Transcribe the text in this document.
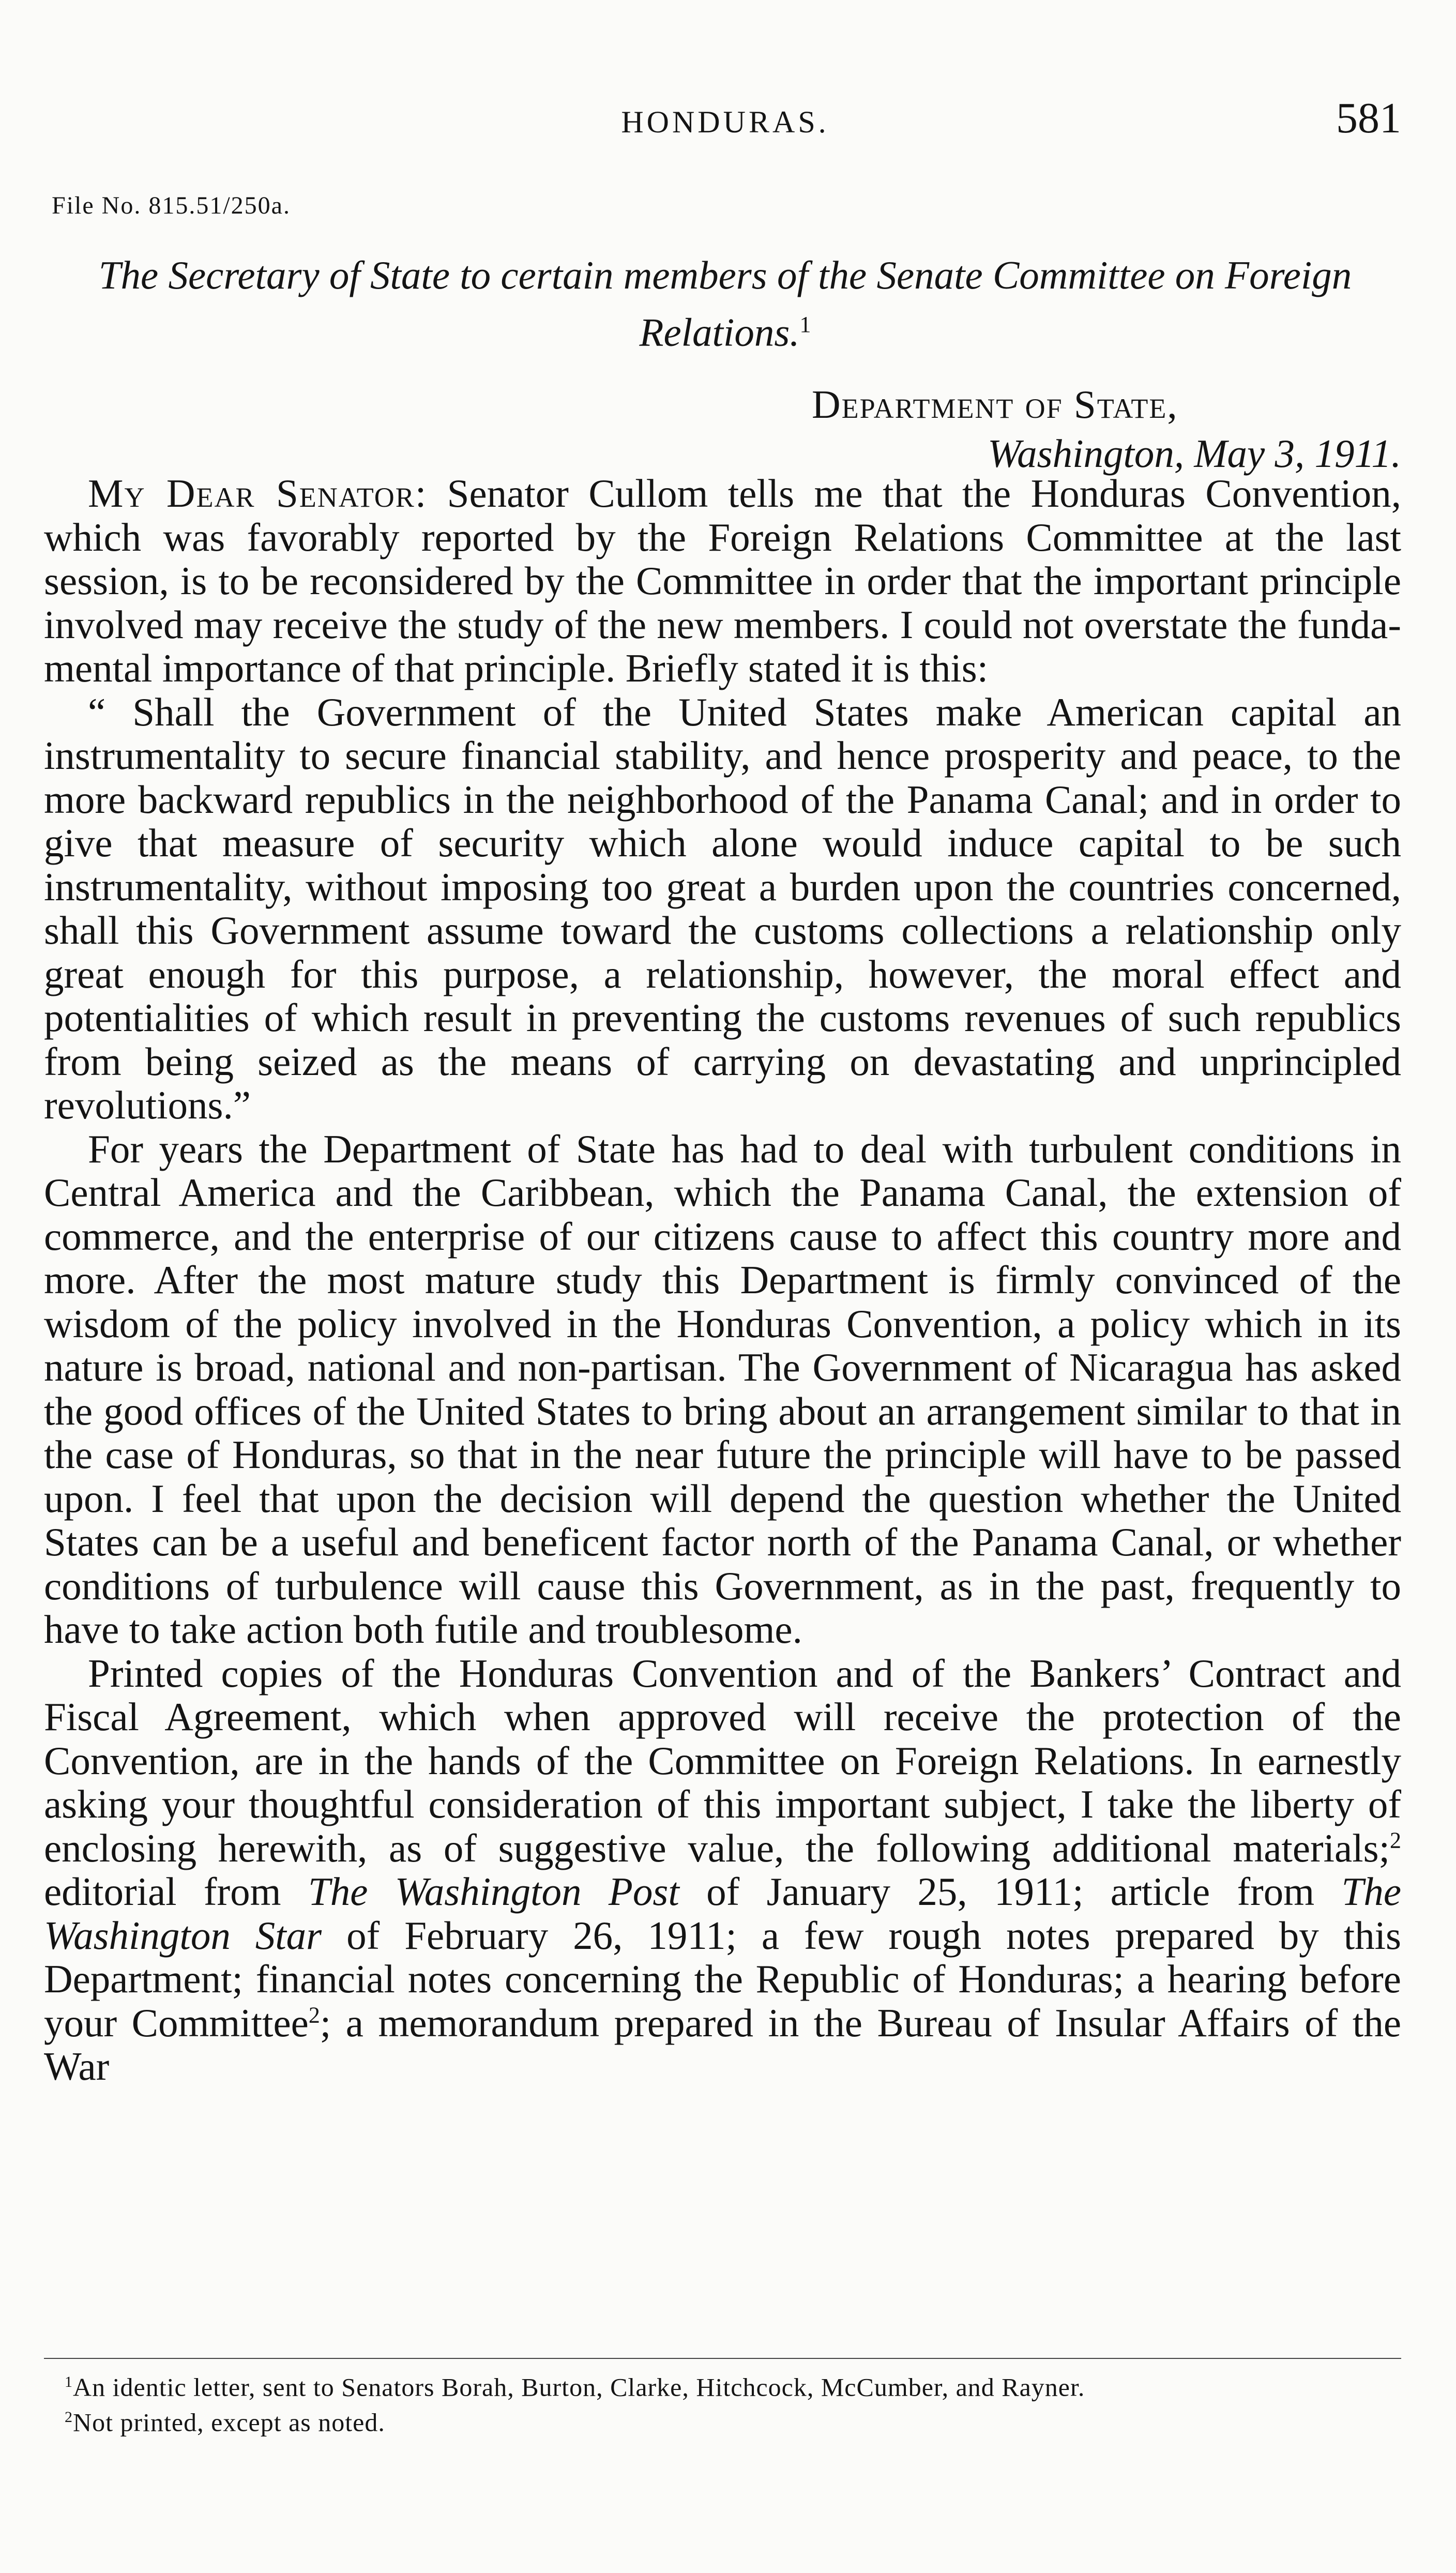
HONDURAS.	581
File No. 815.51/250a.
The Secretary of State to certain members of the Senate Committee on Foreign Relations.$^1$
Department of State,
Washington, May 3, 1911.

My Dear Senator: Senator Cullom tells me that the Honduras Convention, which was favorably reported by the Foreign Relations Committee at the last session, is to be reconsidered by the Committee in order that the important principle involved may receive the study of the new members. I could not overstate the fundamental importance of that principle. Briefly stated it is this:

“ Shall the Government of the United States make American capital an instrumentality to secure financial stability, and hence prosperity and peace, to the more backward republics in the neighborhood of the Panama Canal; and in order to give that measure of security which alone would induce capital to be such instrumentality, without imposing too great a burden upon the countries concerned, shall this Government assume toward the customs collections a relationship only great enough for this purpose, a relationship, however, the moral effect and potentialities of which result in preventing the customs revenues of such republics from being seized as the means of carrying on devastating and unprincipled revolutions.”

For years the Department of State has had to deal with turbulent conditions in Central America and the Caribbean, which the Panama Canal, the extension of commerce, and the enterprise of our citizens cause to affect this country more and more. After the most mature study this Department is firmly convinced of the wisdom of the policy involved in the Honduras Convention, a policy which in its nature is broad, national and non-partisan. The Government of Nicaragua has asked the good offices of the United States to bring about an arrangement similar to that in the case of Honduras, so that in the near future the principle will have to be passed upon. I feel that upon the decision will depend the question whether the United States can be a useful and beneficent factor north of the Panama Canal, or whether conditions of turbulence will cause this Government, as in the past, frequently to have to take action both futile and troublesome.

Printed copies of the Honduras Convention and of the Bankers’ Contract and Fiscal Agreement, which when approved will receive the protection of the Convention, are in the hands of the Committee on Foreign Relations. In earnestly asking your thoughtful consideration of this important subject, I take the liberty of enclosing herewith, as of suggestive value, the following additional materials;$^2$ editorial from The Washington Post of January 25, 1911; article from The Washington Star of February 26, 1911; a few rough notes prepared by this Department; financial notes concerning the Republic of Honduras; a hearing before your Committee$^2$; a memorandum prepared in the Bureau of Insular Affairs of the War

$^1$An identic letter, sent to Senators Borah, Burton, Clarke, Hitchcock, McCumber, and Rayner.

$^2$Not printed, except as noted.
